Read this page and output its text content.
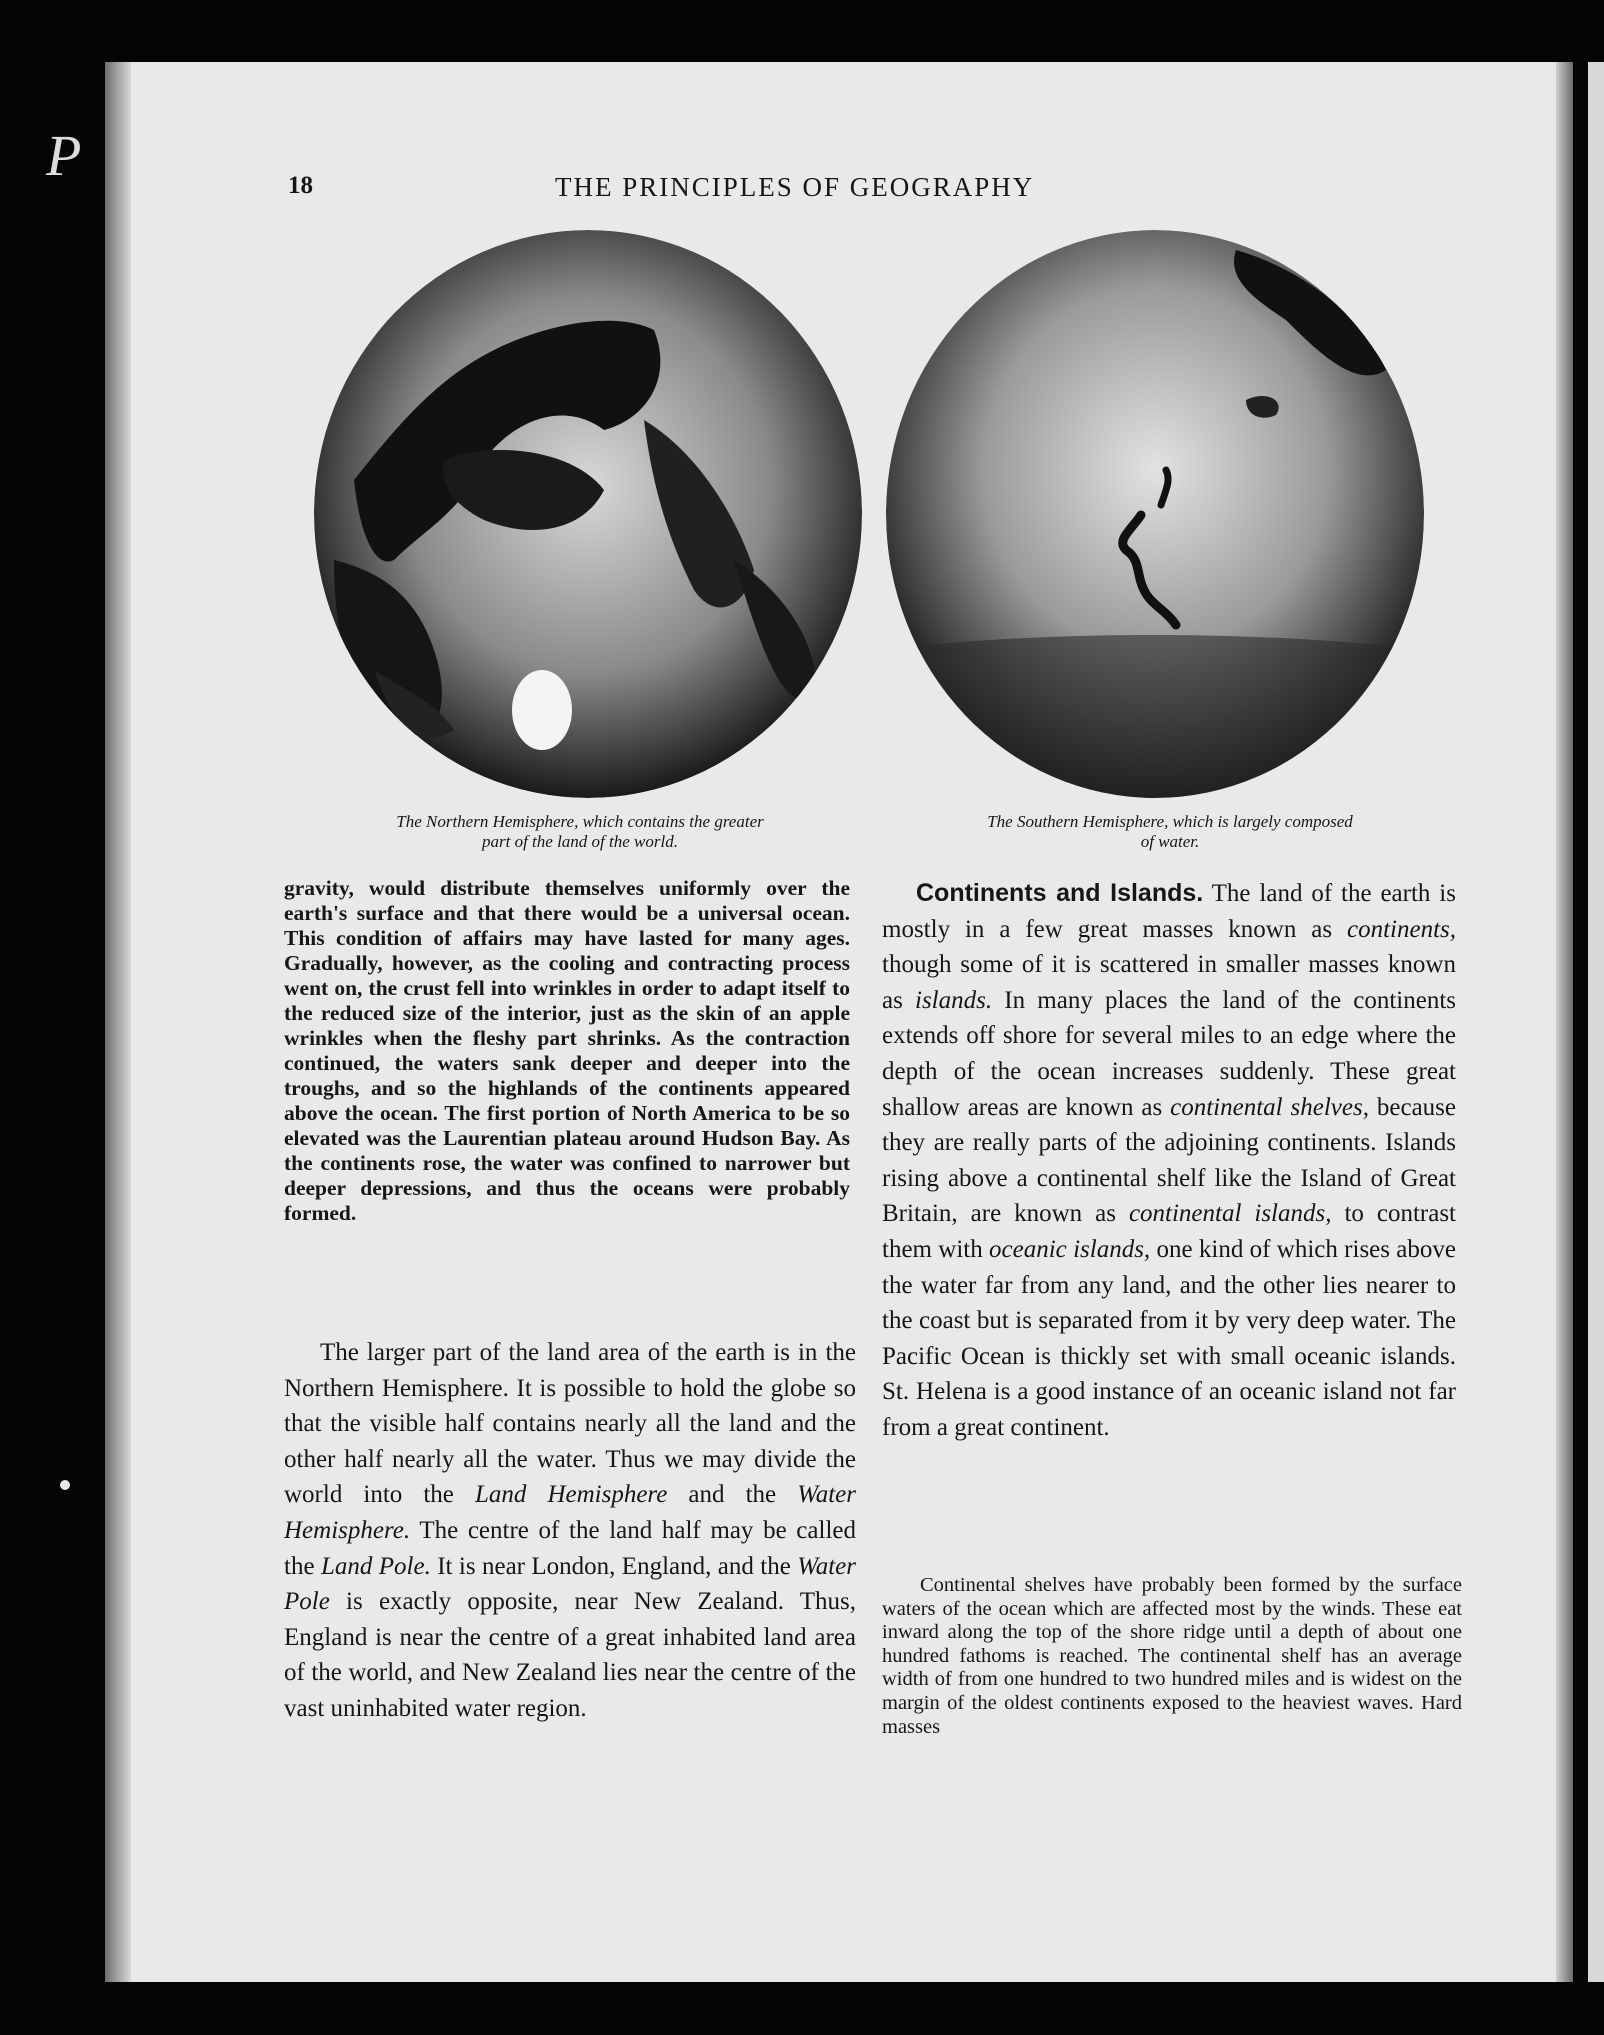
P	18	THE PRINCIPLES OF GEOGRAPHY
The Northern Hemisphere, which contains the greater
part of the land of the world.
The Southern Hemisphere, which is largely composed
of water.

gravity, would distribute themselves uniformly over the earth's surface and that there would be a universal ocean. This condition of affairs may have lasted for many ages. Gradually, however, as the cooling and contracting process went on, the crust fell into wrinkles in order to adapt itself to the reduced size of the interior, just as the skin of an apple wrinkles when the fleshy part shrinks. As the contraction continued, the waters sank deeper and deeper into the troughs, and so the highlands of the continents appeared above the ocean. The first portion of North America to be so elevated was the Laurentian plateau around Hudson Bay. As the continents rose, the water was confined to narrower but deeper depressions, and thus the oceans were probably formed.

The larger part of the land area of the earth is in the Northern Hemisphere. It is possible to hold the globe so that the visible half contains nearly all the land and the other half nearly all the water. Thus we may divide the world into the Land Hemisphere and the Water Hemisphere. The centre of the land half may be called the Land Pole. It is near London, England, and the Water Pole is exactly opposite, near New Zealand. Thus, England is near the centre of a great inhabited land area of the world, and New Zealand lies near the centre of the vast uninhabited water region.

Continents and Islands. The land of the earth is mostly in a few great masses known as continents, though some of it is scattered in smaller masses known as islands. In many places the land of the continents extends off shore for several miles to an edge where the depth of the ocean increases suddenly. These great shallow areas are known as continental shelves, because they are really parts of the adjoining continents. Islands rising above a continental shelf like the Island of Great Britain, are known as continental islands, to contrast them with oceanic islands, one kind of which rises above the water far from any land, and the other lies nearer to the coast but is separated from it by very deep water. The Pacific Ocean is thickly set with small oceanic islands. St. Helena is a good instance of an oceanic island not far from a great continent.

Continental shelves have probably been formed by the surface waters of the ocean which are affected most by the winds. These eat inward along the top of the shore ridge until a depth of about one hundred fathoms is reached. The continental shelf has an average width of from one hundred to two hundred miles and is widest on the margin of the oldest continents exposed to the heaviest waves. Hard masses
